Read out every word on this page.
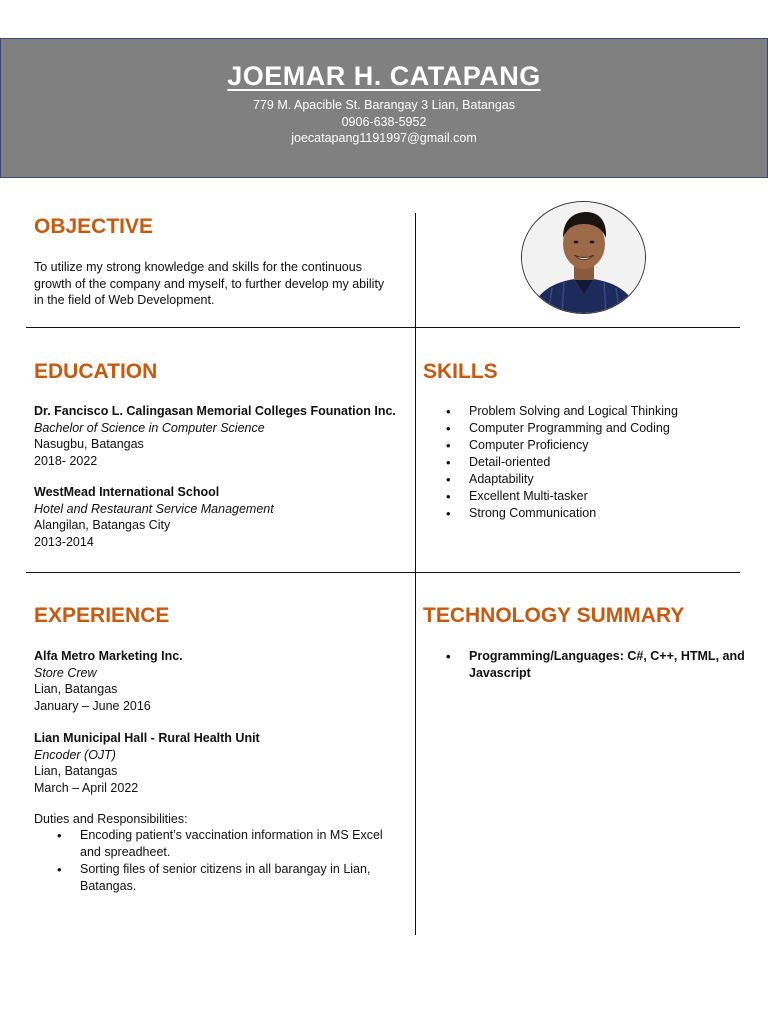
JOEMAR H. CATAPANG
779 M. Apacible St. Barangay 3 Lian, Batangas
0906-638-5952
joecatapang1191997@gmail.com
OBJECTIVE
To utilize my strong knowledge and skills for the continuous
growth of the company and myself, to further develop my ability
in the field of Web Development.
EDUCATION
Dr. Fancisco L. Calingasan Memorial Colleges Founation Inc.
Bachelor of Science in Computer Science
Nasugbu, Batangas
2018- 2022
WestMead International School
Hotel and Restaurant Service Management
Alangilan, Batangas City
2013-2014
SKILLS
• Problem Solving and Logical Thinking
• Computer Programming and Coding
• Computer Proficiency
• Detail-oriented
• Adaptability
• Excellent Multi-tasker
• Strong Communication
EXPERIENCE
Alfa Metro Marketing Inc.
Store Crew
Lian, Batangas
January – June 2016
Lian Municipal Hall - Rural Health Unit
Encoder (OJT)
Lian, Batangas
March – April 2022
Duties and Responsibilities:
• Encoding patient’s vaccination information in MS Excel
and spreadheet.
• Sorting files of senior citizens in all barangay in Lian,
Batangas.
TECHNOLOGY SUMMARY
• Programming/Languages: C#, C++, HTML, and
Javascript
